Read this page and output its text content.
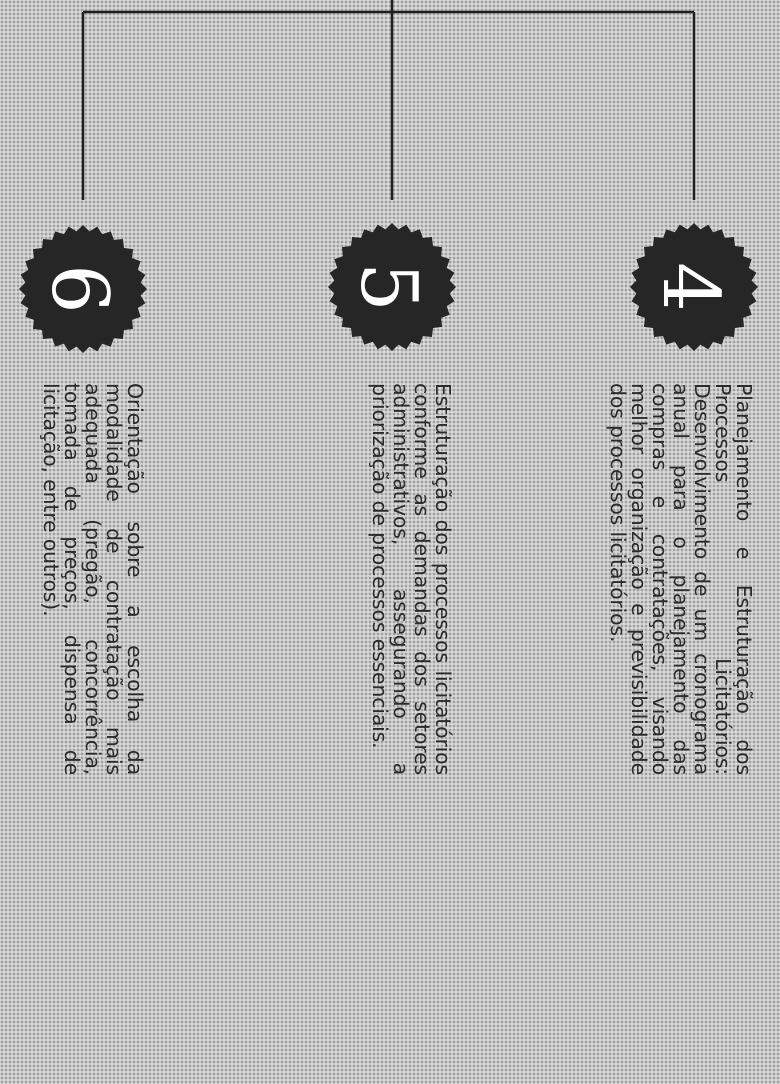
4
Planejamento e Estruturação dos Processos Licitatórios: Desenvolvimento de um cronograma anual para o planejamento das compras e contratações, visando melhor organização e previsibilidade dos processos licitatórios.
5
Estruturação dos processos licitatórios conforme as demandas dos setores administrativos, assegurando a priorização de processos essenciais.
6
Orientação sobre a escolha da modalidade de contratação mais adequada (pregão, concorrência, tomada de preços, dispensa de licitação, entre outros).
